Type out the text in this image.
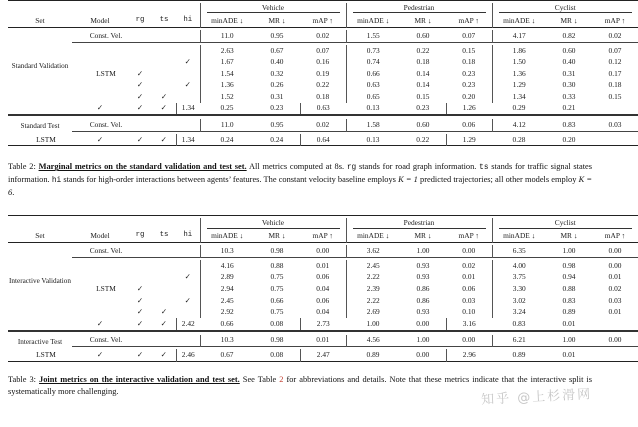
					Vehicle			Pedestrian			Cyclist		

Set	Model	rg	ts	hi	minADE ↓	MR ↓	mAP ↑	minADE ↓	MR ↓	mAP ↑	minADE ↓	MR ↓	mAP ↑

Standard Validation	Const. Vel.				11.0	0.95	0.02	1.55	0.60	0.07	4.17	0.82	0.02

					2.63	0.67	0.07	0.73	0.22	0.15	1.86	0.60	0.07
				✓	1.67	0.40	0.16	0.74	0.18	0.18	1.50	0.40	0.12
	LSTM	✓			1.54	0.32	0.19	0.66	0.14	0.23	1.36	0.31	0.17
		✓		✓	1.36	0.26	0.22	0.63	0.14	0.23	1.29	0.30	0.18
		✓	✓		1.52	0.31	0.18	0.65	0.15	0.20	1.34	0.33	0.15
	✓	✓	✓	1.34	0.25	0.23	0.63	0.13	0.23	1.26	0.29	0.21	

Standard Test	Const. Vel.				11.0	0.95	0.02	1.58	0.60	0.06	4.12	0.83	0.03

LSTM	✓	✓	✓	1.34	0.24	0.24	0.64	0.13	0.22	1.29	0.28	0.20	

Table 2: Marginal metrics on the standard validation and test set. All metrics computed at 8s. rg stands for road graph information. ts stands for traffic signal states information. hi stands for high-order interactions between agents’ features. The constant velocity baseline employs K = 1 predicted trajectories; all other models employ K = 6.

					Vehicle			Pedestrian			Cyclist		

Set	Model	rg	ts	hi	minADE ↓	MR ↓	mAP ↑	minADE ↓	MR ↓	mAP ↑	minADE ↓	MR ↓	mAP ↑

Interactive Validation	Const. Vel.				10.3	0.98	0.00	3.62	1.00	0.00	6.35	1.00	0.00

					4.16	0.88	0.01	2.45	0.93	0.02	4.00	0.98	0.00
				✓	2.89	0.75	0.06	2.22	0.93	0.01	3.75	0.94	0.01
	LSTM	✓			2.94	0.75	0.04	2.39	0.86	0.06	3.30	0.88	0.02
		✓		✓	2.45	0.66	0.06	2.22	0.86	0.03	3.02	0.83	0.03
		✓	✓		2.92	0.75	0.04	2.69	0.93	0.10	3.24	0.89	0.01
	✓	✓	✓	2.42	0.66	0.08	2.73	1.00	0.00	3.16	0.83	0.01	

Interactive Test	Const. Vel.				10.3	0.98	0.01	4.56	1.00	0.00	6.21	1.00	0.00

LSTM	✓	✓	✓	2.46	0.67	0.08	2.47	0.89	0.00	2.96	0.89	0.01	

Table 3: Joint metrics on the interactive validation and test set. See Table 2 for abbreviations and details. Note that these metrics indicate that the interactive split is systematically more challenging.	知乎 @上杉滑网
